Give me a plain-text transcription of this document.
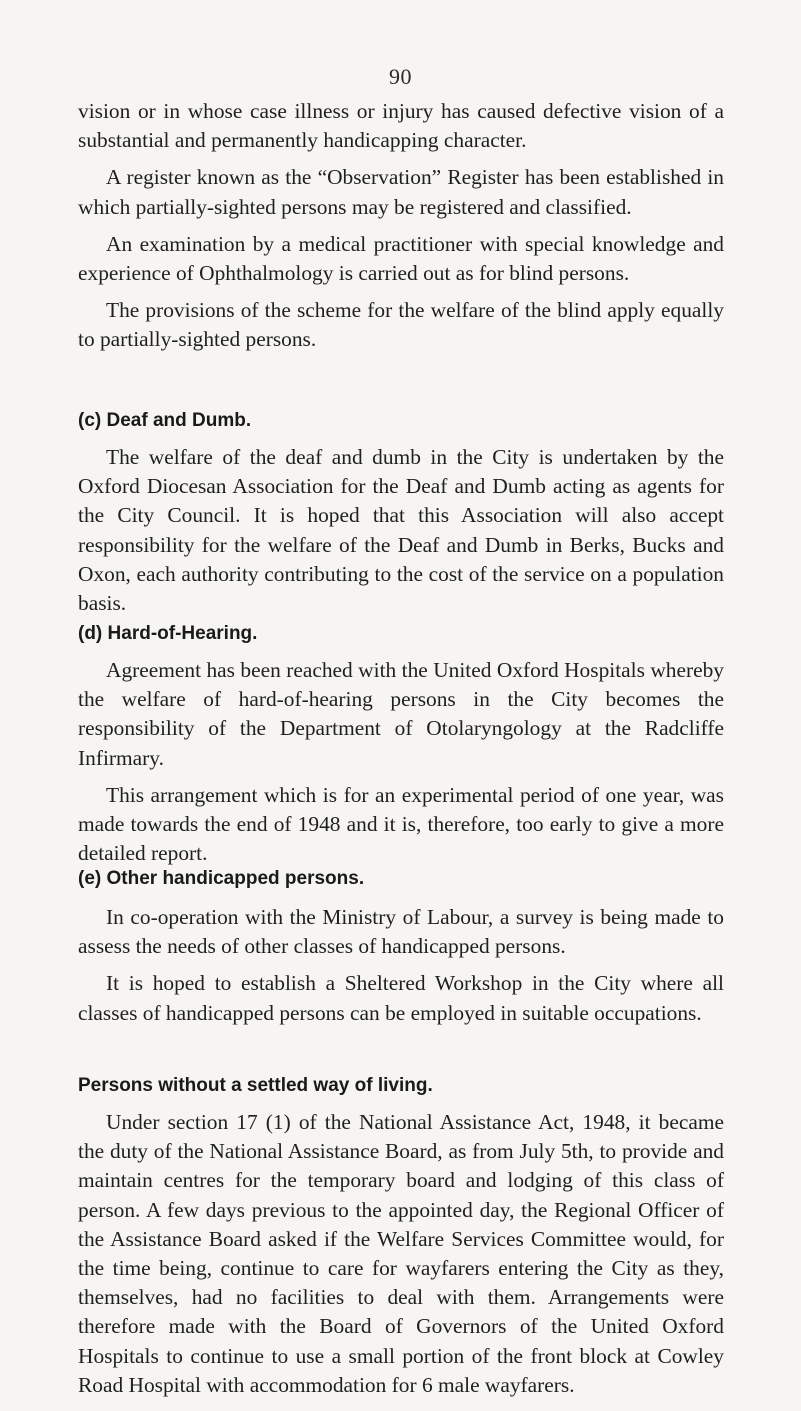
90

vision or in whose case illness or injury has caused defective vision of a substantial and permanently handicapping character.

A register known as the “Observation” Register has been established in which partially-sighted persons may be registered and classified.

An examination by a medical practitioner with special knowledge and experience of Ophthalmology is carried out as for blind persons.

The provisions of the scheme for the welfare of the blind apply equally to partially-sighted persons.

(c) Deaf and Dumb.

The welfare of the deaf and dumb in the City is undertaken by the Oxford Diocesan Association for the Deaf and Dumb acting as agents for the City Council. It is hoped that this Association will also accept responsibility for the welfare of the Deaf and Dumb in Berks, Bucks and Oxon, each authority contributing to the cost of the service on a population basis.

(d) Hard-of-Hearing.

Agreement has been reached with the United Oxford Hospitals whereby the welfare of hard-of-hearing persons in the City becomes the responsibility of the Department of Otolaryngology at the Radcliffe Infirmary.

This arrangement which is for an experimental period of one year, was made towards the end of 1948 and it is, therefore, too early to give a more detailed report.

(e) Other handicapped persons.

In co-operation with the Ministry of Labour, a survey is being made to assess the needs of other classes of handicapped persons.

It is hoped to establish a Sheltered Workshop in the City where all classes of handicapped persons can be employed in suitable occupations.

Persons without a settled way of living.

Under section 17 (1) of the National Assistance Act, 1948, it became the duty of the National Assistance Board, as from July 5th, to provide and maintain centres for the temporary board and lodging of this class of person. A few days previous to the appointed day, the Regional Officer of the Assistance Board asked if the Welfare Services Committee would, for the time being, continue to care for wayfarers entering the City as they, themselves, had no facilities to deal with them. Arrangements were therefore made with the Board of Governors of the United Oxford Hospitals to continue to use a small portion of the front block at Cowley Road Hospital with accommodation for 6 male wayfarers.
